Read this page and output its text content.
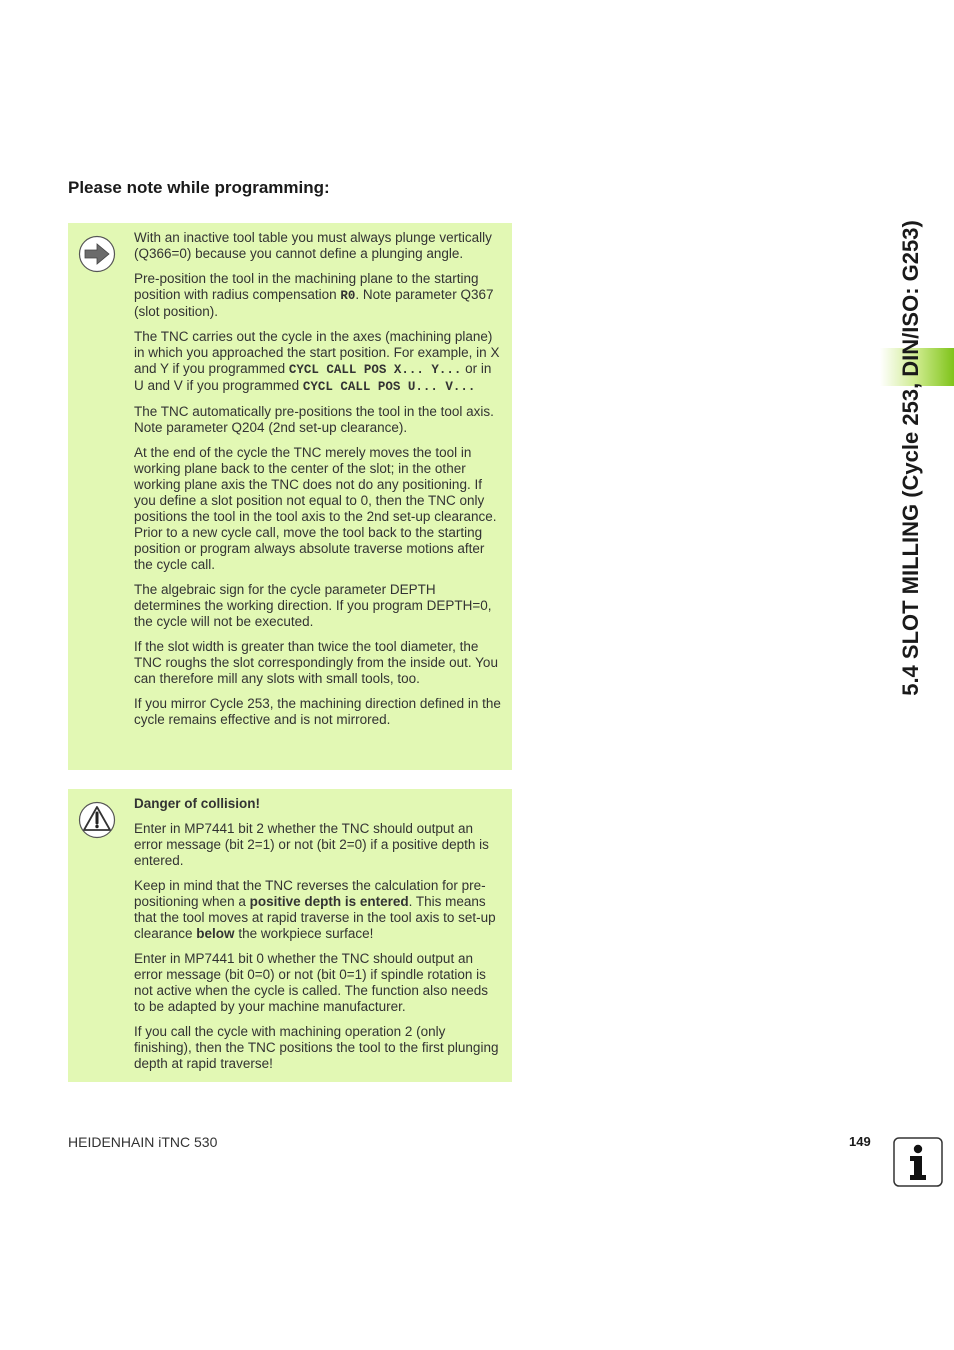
Please note while programming:

With an inactive tool table you must always plunge vertically (Q366=0) because you cannot define a plunging angle.

Pre-position the tool in the machining plane to the starting position with radius compensation R0. Note parameter Q367 (slot position).

The TNC carries out the cycle in the axes (machining plane) in which you approached the start position. For example, in X and Y if you programmed CYCL CALL POS X... Y... or in U and V if you programmed CYCL CALL POS U... V...

The TNC automatically pre-positions the tool in the tool axis. Note parameter Q204 (2nd set-up clearance).

At the end of the cycle the TNC merely moves the tool in working plane back to the center of the slot; in the other working plane axis the TNC does not do any positioning. If you define a slot position not equal to 0, then the TNC only positions the tool in the tool axis to the 2nd set-up clearance. Prior to a new cycle call, move the tool back to the starting position or program always absolute traverse motions after the cycle call.

The algebraic sign for the cycle parameter DEPTH determines the working direction. If you program DEPTH=0, the cycle will not be executed.

If the slot width is greater than twice the tool diameter, the TNC roughs the slot correspondingly from the inside out. You can therefore mill any slots with small tools, too.

If you mirror Cycle 253, the machining direction defined in the cycle remains effective and is not mirrored.

Danger of collision!

Enter in MP7441 bit 2 whether the TNC should output an error message (bit 2=1) or not (bit 2=0) if a positive depth is entered.

Keep in mind that the TNC reverses the calculation for pre-positioning when a positive depth is entered. This means that the tool moves at rapid traverse in the tool axis to set-up clearance below the workpiece surface!

Enter in MP7441 bit 0 whether the TNC should output an error message (bit 0=0) or not (bit 0=1) if spindle rotation is not active when the cycle is called. The function also needs to be adapted by your machine manufacturer.

If you call the cycle with machining operation 2 (only finishing), then the TNC positions the tool to the first plunging depth at rapid traverse!

5.4 SLOT MILLING (Cycle 253, DIN/ISO: G253)
HEIDENHAIN iTNC 530	149
